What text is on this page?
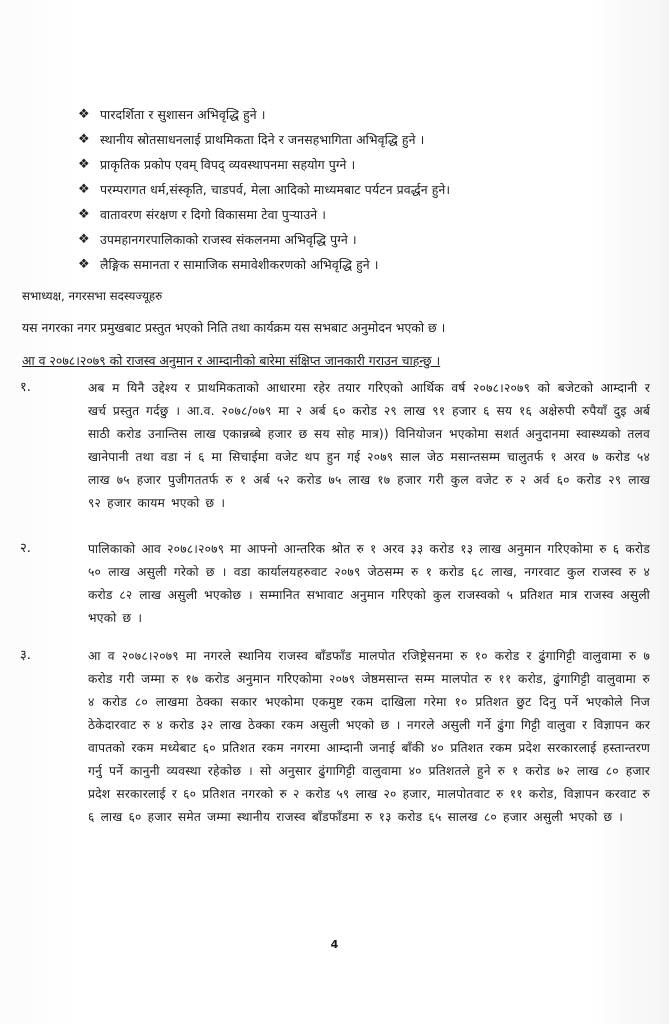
❖ पारदर्शिता र सुशासन अभिवृद्धि हुने ।
❖ स्थानीय स्रोतसाधनलाई प्राथमिकता दिने र जनसहभागिता अभिवृद्धि हुने ।
❖ प्राकृतिक प्रकोप एवम् विपद् व्यवस्थापनमा सहयोग पुग्ने ।
❖ परम्परागत धर्म,संस्कृति, चाडपर्व, मेला आदिको माध्यमबाट पर्यटन प्रवर्द्धन हुने।
❖ वातावरण संरक्षण र दिगो विकासमा टेवा पुऱ्याउने ।
❖ उपमहानगरपालिकाको राजस्व संकलनमा अभिवृद्धि पुग्ने ।
❖ लैङ्गिक समानता र सामाजिक समावेशीकरणको अभिवृद्धि हुने ।
सभाध्यक्ष, नगरसभा सदस्यज्यूहरु
यस नगरका नगर प्रमुखबाट प्रस्तुत भएको निति तथा कार्यक्रम यस सभबाट अनुमोदन भएको छ ।
आ व २०७८।२०७९ को राजस्व अनुमान र आम्दानीको बारेमा संक्षिप्त जानकारी गराउन चाहन्छु ।
१.	अब म यिनै उद्देश्य र प्राथमिकताको आधारमा रहेर तयार गरिएको आर्थिक वर्ष २०७८।२०७९ को बजेटको आम्दानी र खर्च प्रस्तुत गर्दछु । आ.व. २०७८/०७९ मा २ अर्ब ६० करोड २९ लाख ९१ हजार ६ सय १६ अक्षेरुपी रुपैयाँ दुइ अर्ब साठी करोड उनान्तिस लाख एकान्नब्बे हजार छ सय सोह मात्र)) विनियोजन भएकोमा सशर्त अनुदानमा स्वास्थ्यको तलव खानेपानी तथा वडा नं ६ मा सिचाईमा वजेट थप हुन गई २०७९ साल जेठ मसान्तसम्म चालुतर्फ १ अरव ७ करोड ५४ लाख ७५ हजार पुजीगततर्फ रु १ अर्ब ५२ करोड ७५ लाख १७ हजार गरी कुल वजेट रु २ अर्व ६० करोड २९ लाख ९२ हजार कायम भएको छ ।
२.	पालिकाको आव २०७८।२०७९ मा आफ्नो आन्तरिक श्रोत रु १ अरव ३३ करोड १३ लाख अनुमान गरिएकोमा रु ६ करोड ५० लाख असुली गरेको छ । वडा कार्यालयहरुवाट २०७९ जेठसम्म रु १ करोड ६८ लाख, नगरवाट कुल राजस्व रु ४ करोड ८२ लाख असुली भएकोछ । सम्मानित सभावाट अनुमान गरिएको कुल राजस्वको ५ प्रतिशत मात्र राजस्व असुली भएको छ ।
३.	आ व २०७८।२०७९ मा नगरले स्थानिय राजस्व बाँडफाँड मालपोत रजिष्ट्रेसनमा रु १० करोड र ढुंगागिट्टी वालुवामा रु ७ करोड गरी जम्मा रु १७ करोड अनुमान गरिएकोमा २०७९ जेष्ठमसान्त सम्म मालपोत रु ११ करोड, ढुंगागिट्टी वालुवामा रु ४ करोड ८० लाखमा ठेक्का सकार भएकोमा एकमुष्ट रकम दाखिला गरेमा १० प्रतिशत छुट दिनु पर्ने भएकोले निज ठेकेदारवाट रु ४ करोड ३२ लाख ठेक्का रकम असुली भएको छ । नगरले असुली गर्ने ढुंगा गिट्टी वालुवा र विज्ञापन कर वापतको रकम मध्येबाट ६० प्रतिशत रकम नगरमा आम्दानी जनाई बाँकी ४० प्रतिशत रकम प्रदेश सरकारलाई हस्तान्तरण गर्नु पर्ने कानुनी व्यवस्था रहेकोछ । सो अनुसार ढुंगागिट्टी वालुवामा ४० प्रतिशतले हुने रु १ करोड ७२ लाख ८० हजार प्रदेश सरकारलाई र ६० प्रतिशत नगरको रु २ करोड ५९ लाख २० हजार, मालपोतवाट रु ११ करोड, विज्ञापन करवाट रु ६ लाख ६० हजार समेत जम्मा स्थानीय राजस्व बाँडफाँडमा रु १३ करोड ६५ सालख ८० हजार असुली भएको छ ।
4
